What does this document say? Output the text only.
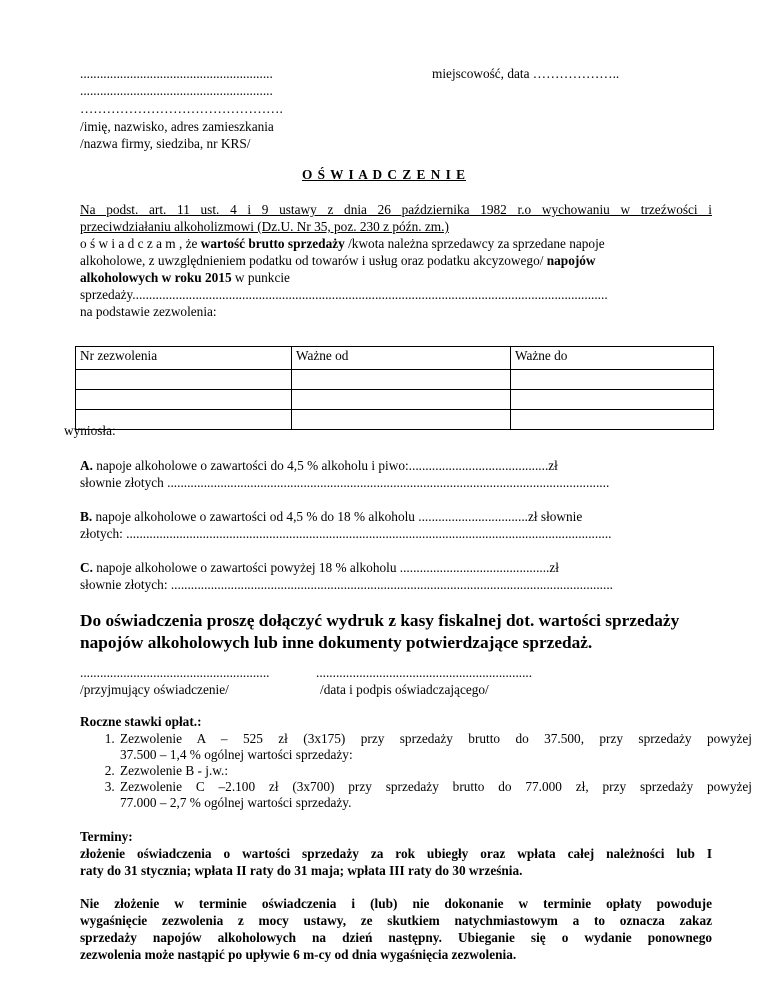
..........................................................
..........................................................
……………………………………….
/imię, nazwisko, adres zamieszkania
/nazwa firmy, siedziba, nr KRS/
miejscowość, data ………………..
O Ś W I A D C Z E N I E
Na podst. art. 11 ust. 4 i 9 ustawy z dnia 26 października 1982 r.o wychowaniu w trzeźwości i
przeciwdziałaniu alkoholizmowi (Dz.U. Nr 35, poz. 230 z późn. zm.)
o ś w i a d c z a m , że wartość brutto sprzedaży /kwota należna sprzedawcy za sprzedane napoje
alkoholowe, z uwzględnieniem podatku od towarów i usług oraz podatku akcyzowego/ napojów
alkoholowych w roku 2015 w punkcie
sprzedaży...............................................................................................................................................
na podstawie zezwolenia:
Nr zezwolenia	Ważne od	Ważne do

wyniosła:
A. napoje alkoholowe o zawartości do 4,5 % alkoholu i piwo:..........................................zł
słownie złotych .....................................................................................................................................
B. napoje alkoholowe o zawartości od 4,5 % do 18 % alkoholu .................................zł słownie
złotych: ..................................................................................................................................................
C. napoje alkoholowe o zawartości powyżej 18 % alkoholu .............................................zł
słownie złotych: .....................................................................................................................................
Do oświadczenia proszę dołączyć wydruk z kasy fiskalnej dot. wartości sprzedaży
napojów alkoholowych lub inne dokumenty potwierdzające sprzedaż.
.........................................................	.................................................................
/przyjmujący oświadczenie/	/data i podpis oświadczającego/
Roczne stawki opłat.:
1. Zezwolenie A – 525 zł (3x175) przy sprzedaży brutto do 37.500, przy sprzedaży powyżej
37.500 – 1,4 % ogólnej wartości sprzedaży:
2. Zezwolenie B - j.w.:
3. Zezwolenie C –2.100 zł (3x700) przy sprzedaży brutto do 77.000 zł, przy sprzedaży powyżej
77.000 – 2,7 % ogólnej wartości sprzedaży.
Terminy:
złożenie oświadczenia o wartości sprzedaży za rok ubiegły oraz wpłata całej należności lub I
raty do 31 stycznia; wpłata II raty do 31 maja; wpłata III raty do 30 września.
Nie złożenie w terminie oświadczenia i (lub) nie dokonanie w terminie opłaty powoduje
wygaśnięcie zezwolenia z mocy ustawy, ze skutkiem natychmiastowym a to oznacza zakaz
sprzedaży napojów alkoholowych na dzień następny. Ubieganie się o wydanie ponownego
zezwolenia może nastąpić po upływie 6 m-cy od dnia wygaśnięcia zezwolenia.
